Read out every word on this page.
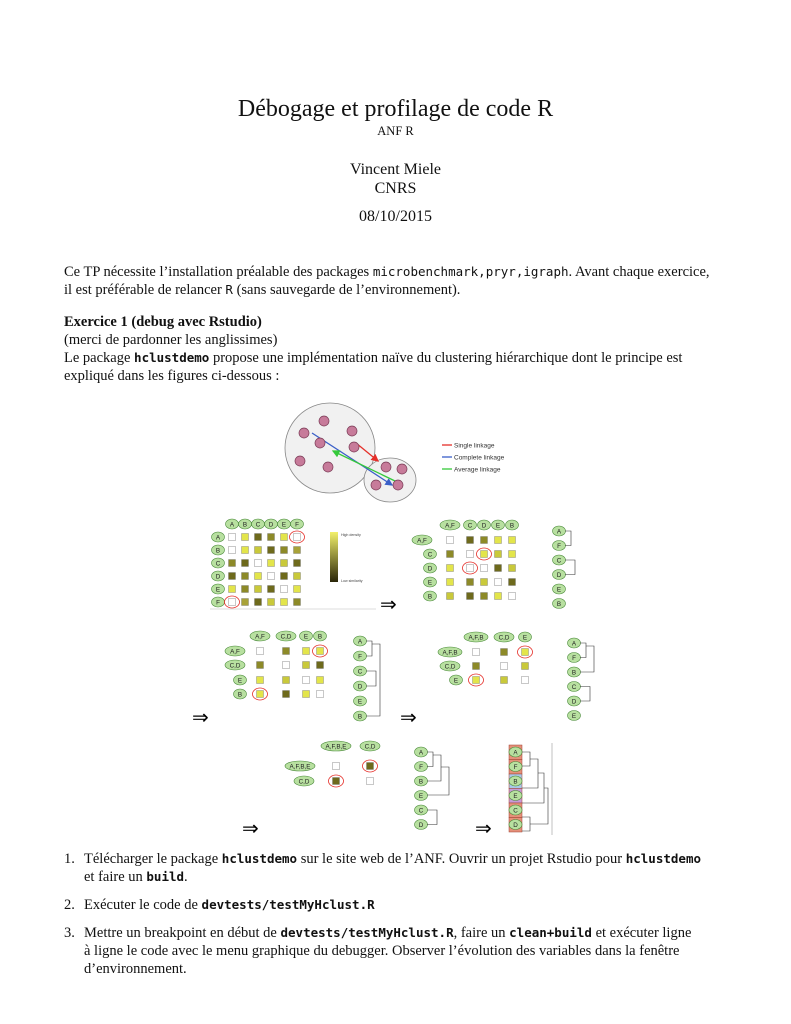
Débogage et profilage de code R
ANF R
Vincent Miele
CNRS
08/10/2015
Ce TP nécessite l’installation préalable des packages microbenchmark,pryr,igraph. Avant chaque exercice,
il est préférable de relancer R (sans sauvegarde de l’environnement).
Exercice 1 (debug avec Rstudio)
(merci de pardonner les anglissimes)
Le package hclustdemo propose une implémentation naïve du clustering hiérarchique dont le principe est
expliqué dans les figures ci-dessous :
Single linkage
Complete linkage
Average linkage
A B C D E F
A
B
C
D
E
F
High density
Low similarity
A,F C D E B
A,F
C
D
E
B
A,F C,D E B
A,F
C,D
E
B
A,F,B C,D E
A,F,B
C,D
E
A,F,B,E	C,D
A,F,B,E
C,D
A
F
C
D
E
B
A
F
C
D
E
B
A
F
B
C
D
E
A
F
B
E
C
D
A
F
B
E
C
D
⇒
⇒	⇒
⇒	⇒
1. Télécharger le package hclustdemo sur le site web de l’ANF. Ouvrir un projet Rstudio pour hclustdemo
et faire un build.
2. Exécuter le code de devtests/testMyHclust.R
3. Mettre un breakpoint en début de devtests/testMyHclust.R, faire un clean+build et exécuter ligne
à ligne le code avec le menu graphique du debugger. Observer l’évolution des variables dans la fenêtre
d’environnement.
